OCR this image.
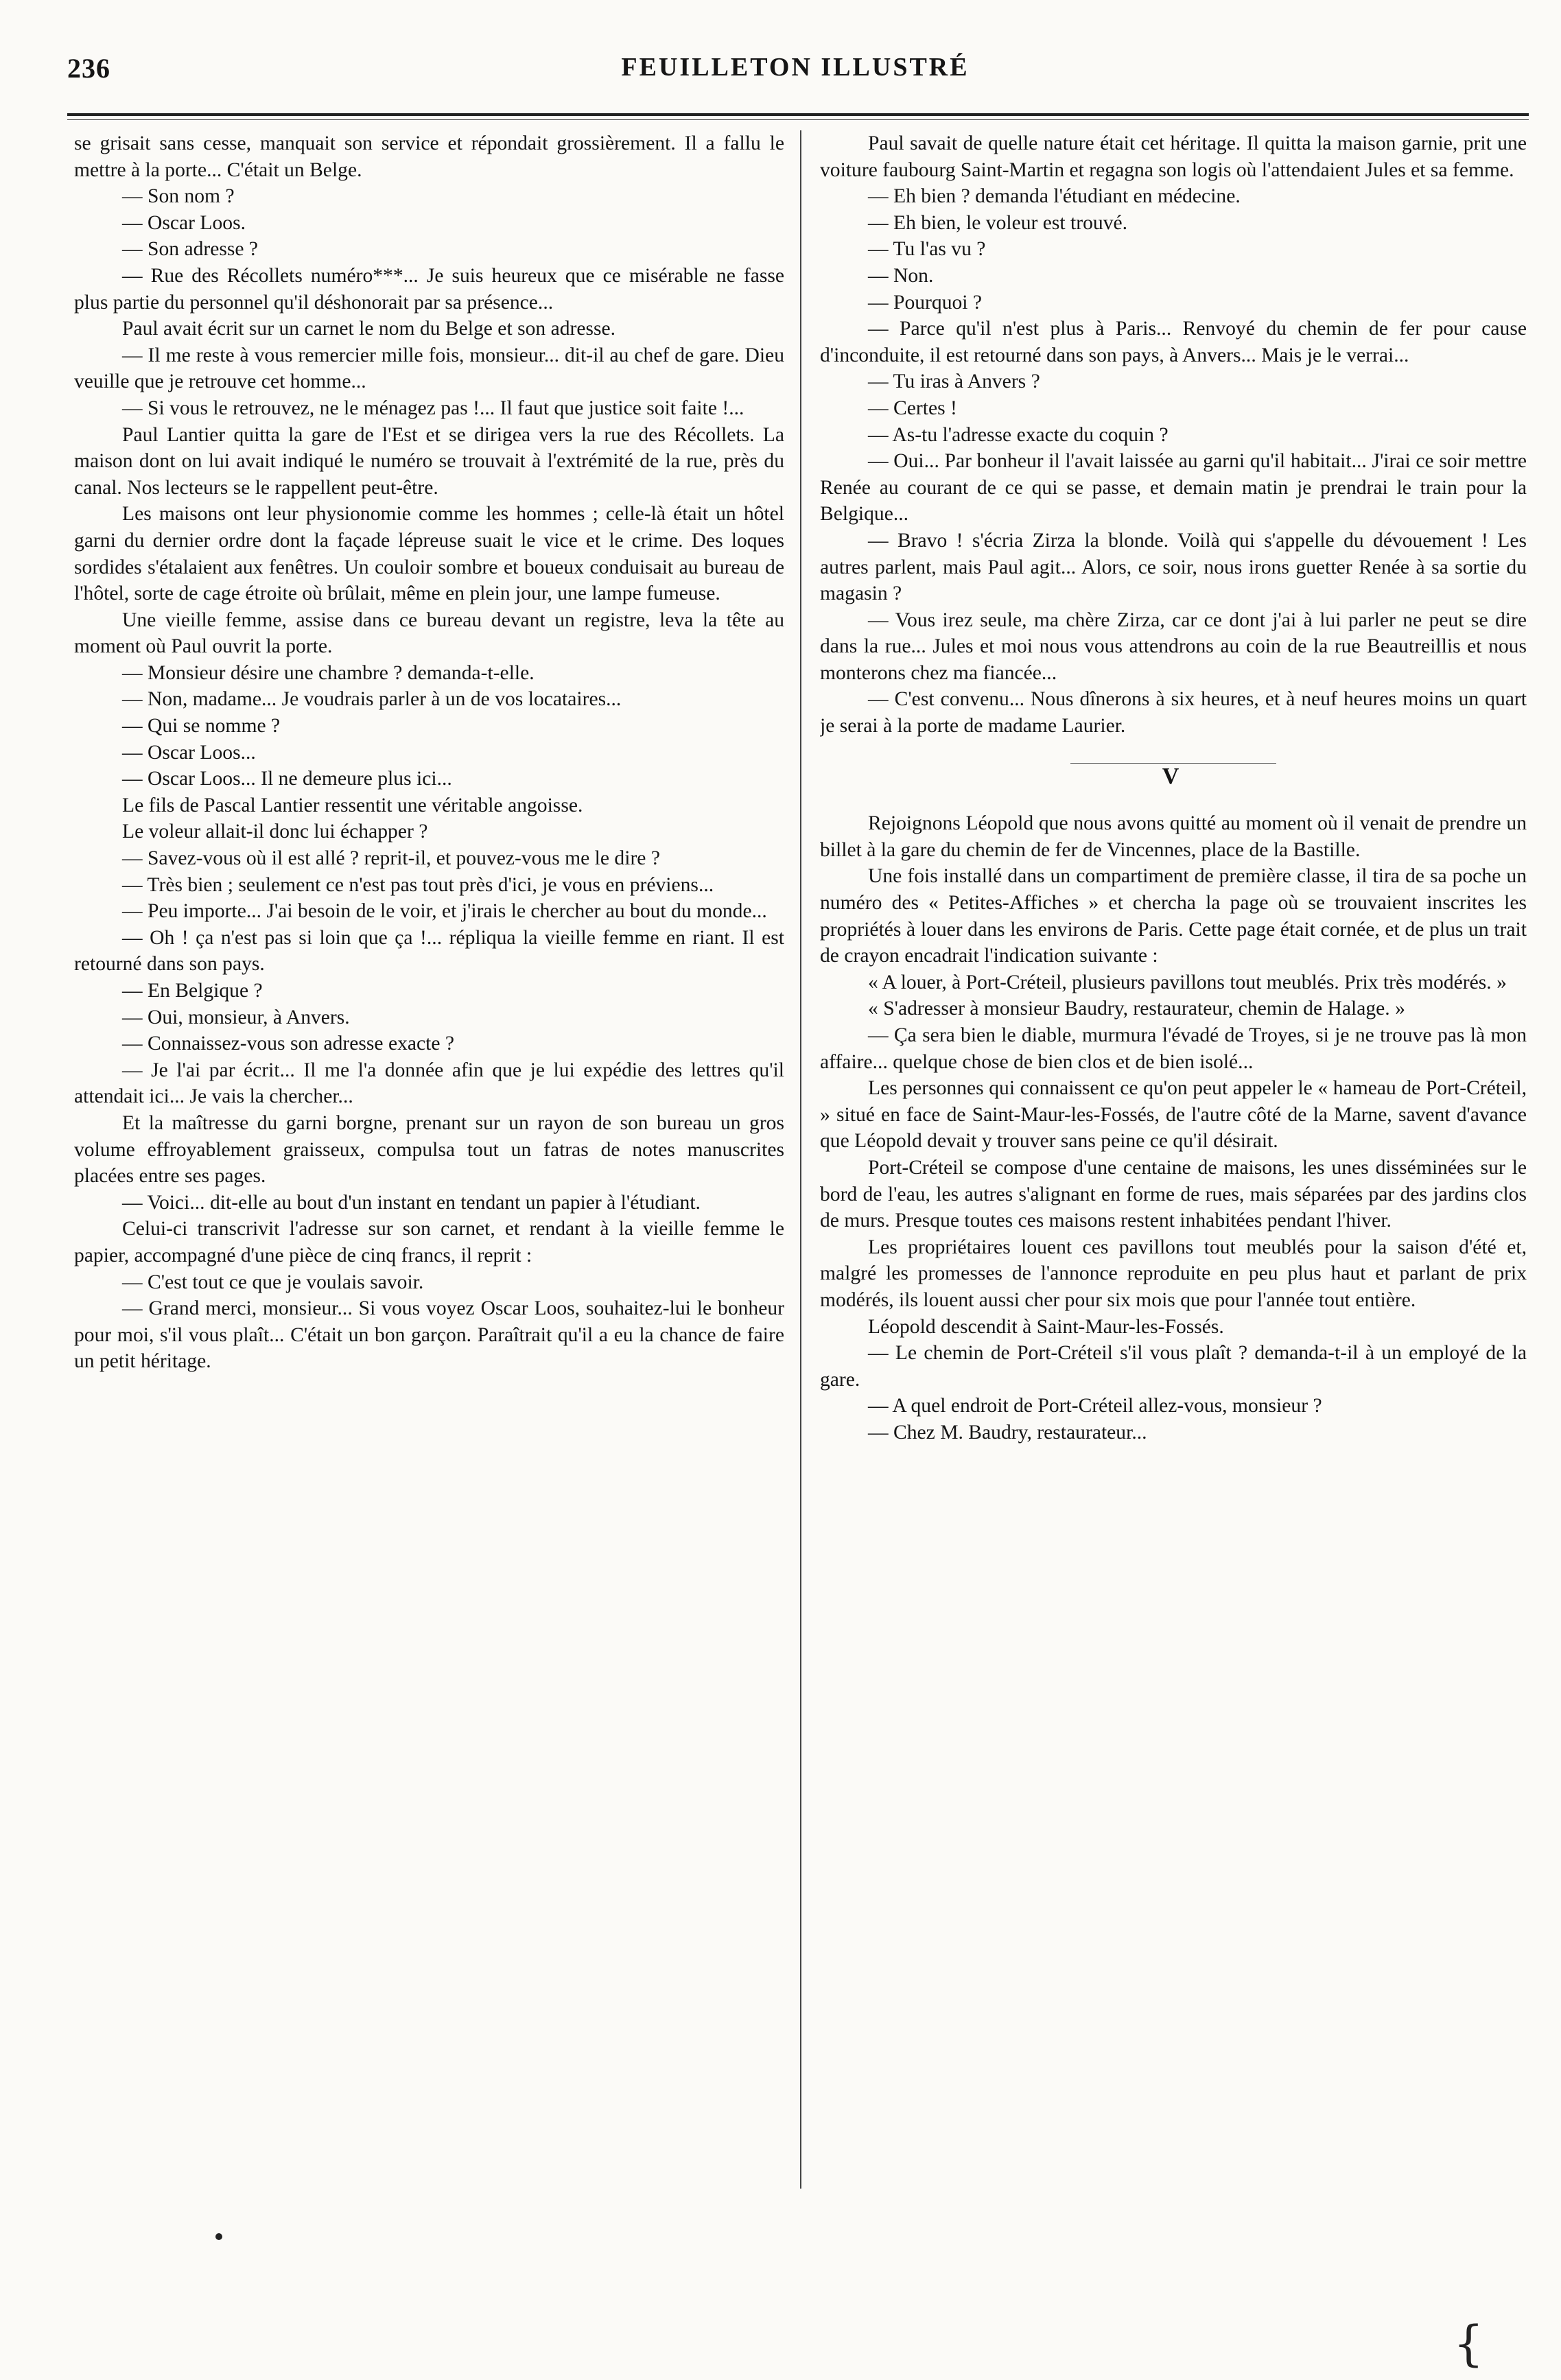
236	FEUILLETON ILLUSTRÉ

se grisait sans cesse, manquait son service et répondait grossièrement. Il a fallu le mettre à la porte... C'était un Belge.

— Son nom ?

— Oscar Loos.

— Son adresse ?

— Rue des Récollets numéro***... Je suis heureux que ce misérable ne fasse plus partie du personnel qu'il déshonorait par sa présence...

Paul avait écrit sur un carnet le nom du Belge et son adresse.

— Il me reste à vous remercier mille fois, monsieur... dit-il au chef de gare. Dieu veuille que je retrouve cet homme...

— Si vous le retrouvez, ne le ménagez pas !... Il faut que justice soit faite !...

Paul Lantier quitta la gare de l'Est et se dirigea vers la rue des Récollets. La maison dont on lui avait indiqué le numéro se trouvait à l'extrémité de la rue, près du canal. Nos lecteurs se le rappellent peut-être.

Les maisons ont leur physionomie comme les hommes ; celle-là était un hôtel garni du dernier ordre dont la façade lépreuse suait le vice et le crime. Des loques sordides s'étalaient aux fenêtres. Un couloir sombre et boueux conduisait au bureau de l'hôtel, sorte de cage étroite où brûlait, même en plein jour, une lampe fumeuse.

Une vieille femme, assise dans ce bureau devant un registre, leva la tête au moment où Paul ouvrit la porte.

— Monsieur désire une chambre ? demanda-t-elle.

— Non, madame... Je voudrais parler à un de vos locataires...

— Qui se nomme ?

— Oscar Loos...

— Oscar Loos... Il ne demeure plus ici...

Le fils de Pascal Lantier ressentit une véritable angoisse.

Le voleur allait-il donc lui échapper ?

— Savez-vous où il est allé ? reprit-il, et pouvez-vous me le dire ?

— Très bien ; seulement ce n'est pas tout près d'ici, je vous en préviens...

— Peu importe... J'ai besoin de le voir, et j'irais le chercher au bout du monde...

— Oh ! ça n'est pas si loin que ça !... répliqua la vieille femme en riant. Il est retourné dans son pays.

— En Belgique ?

— Oui, monsieur, à Anvers.

— Connaissez-vous son adresse exacte ?

— Je l'ai par écrit... Il me l'a donnée afin que je lui expédie des lettres qu'il attendait ici... Je vais la chercher...

Et la maîtresse du garni borgne, prenant sur un rayon de son bureau un gros volume effroyablement graisseux, compulsa tout un fatras de notes manuscrites placées entre ses pages.

— Voici... dit-elle au bout d'un instant en tendant un papier à l'étudiant.

Celui-ci transcrivit l'adresse sur son carnet, et rendant à la vieille femme le papier, accompagné d'une pièce de cinq francs, il reprit :

— C'est tout ce que je voulais savoir.

— Grand merci, monsieur... Si vous voyez Oscar Loos, souhaitez-lui le bonheur pour moi, s'il vous plaît... C'était un bon garçon. Paraîtrait qu'il a eu la chance de faire un petit héritage.

Paul savait de quelle nature était cet héritage. Il quitta la maison garnie, prit une voiture faubourg Saint-Martin et regagna son logis où l'attendaient Jules et sa femme.

— Eh bien ? demanda l'étudiant en médecine.

— Eh bien, le voleur est trouvé.

— Tu l'as vu ?

— Non.

— Pourquoi ?

— Parce qu'il n'est plus à Paris... Renvoyé du chemin de fer pour cause d'inconduite, il est retourné dans son pays, à Anvers... Mais je le verrai...

— Tu iras à Anvers ?

— Certes !

— As-tu l'adresse exacte du coquin ?

— Oui... Par bonheur il l'avait laissée au garni qu'il habitait... J'irai ce soir mettre Renée au courant de ce qui se passe, et demain matin je prendrai le train pour la Belgique...

— Bravo ! s'écria Zirza la blonde. Voilà qui s'appelle du dévouement ! Les autres parlent, mais Paul agit... Alors, ce soir, nous irons guetter Renée à sa sortie du magasin ?

— Vous irez seule, ma chère Zirza, car ce dont j'ai à lui parler ne peut se dire dans la rue... Jules et moi nous vous attendrons au coin de la rue Beautreillis et nous monterons chez ma fiancée...

— C'est convenu... Nous dînerons à six heures, et à neuf heures moins un quart je serai à la porte de madame Laurier.

V

Rejoignons Léopold que nous avons quitté au moment où il venait de prendre un billet à la gare du chemin de fer de Vincennes, place de la Bastille.

Une fois installé dans un compartiment de première classe, il tira de sa poche un numéro des « Petites-Affiches » et chercha la page où se trouvaient inscrites les propriétés à louer dans les environs de Paris. Cette page était cornée, et de plus un trait de crayon encadrait l'indication suivante :

« A louer, à Port-Créteil, plusieurs pavillons tout meublés. Prix très modérés. »

« S'adresser à monsieur Baudry, restaurateur, chemin de Halage. »

— Ça sera bien le diable, murmura l'évadé de Troyes, si je ne trouve pas là mon affaire... quelque chose de bien clos et de bien isolé...

Les personnes qui connaissent ce qu'on peut appeler le « hameau de Port-Créteil, » situé en face de Saint-Maur-les-Fossés, de l'autre côté de la Marne, savent d'avance que Léopold devait y trouver sans peine ce qu'il désirait.

Port-Créteil se compose d'une centaine de maisons, les unes disséminées sur le bord de l'eau, les autres s'alignant en forme de rues, mais séparées par des jardins clos de murs. Presque toutes ces maisons restent inhabitées pendant l'hiver.

Les propriétaires louent ces pavillons tout meublés pour la saison d'été et, malgré les promesses de l'annonce reproduite en peu plus haut et parlant de prix modérés, ils louent aussi cher pour six mois que pour l'année tout entière.

Léopold descendit à Saint-Maur-les-Fossés.

— Le chemin de Port-Créteil s'il vous plaît ? demanda-t-il à un employé de la gare.

— A quel endroit de Port-Créteil allez-vous, monsieur ?

— Chez M. Baudry, restaurateur...

{
